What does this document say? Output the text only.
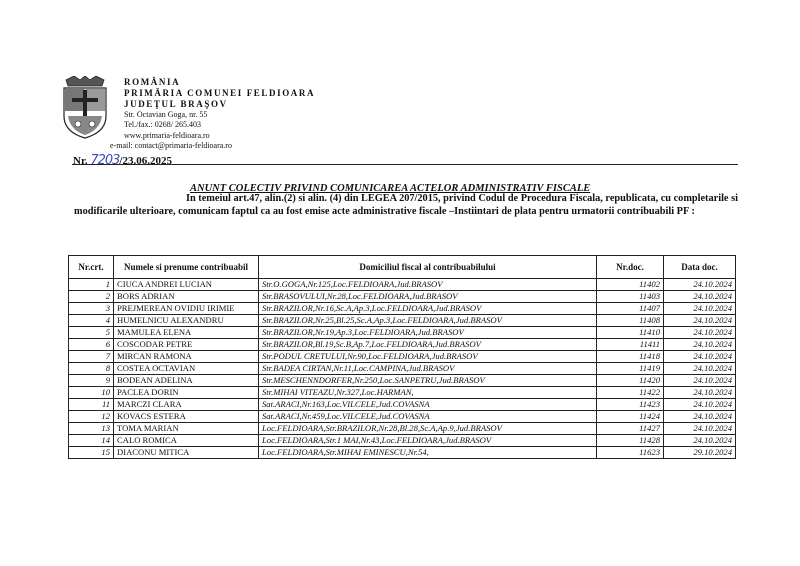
ROMÂNIA
PRIMĂRIA COMUNEI FELDIOARA
JUDEŢUL BRAŞOV
Str. Octavian Goga, nr. 55
Tel./fax.: 0268/ 265.403
www.primaria-feldioara.ro
e-mail: contact@primaria-feldioara.ro
Nr. 7203/23.06.2025
ANUNT COLECTIV PRIVIND COMUNICAREA ACTELOR ADMINISTRATIV FISCALE
In temeiul art.47, alin.(2) si alin. (4) din LEGEA 207/2015, privind Codul de Procedura Fiscala, republicata, cu completarile si modificarile ulterioare, comunicam faptul ca au fost emise acte administrative fiscale –Instiintari de plata pentru urmatorii contribuabili PF :
Nr.crt.	Numele si prenume contribuabil	Domiciliul fiscal al contribuabilului	Nr.doc.	Data doc.
1	CIUCA ANDREI LUCIAN	Str.O.GOGA,Nr.125,Loc.FELDIOARA,Jud.BRASOV	11402	24.10.2024
2	BORS ADRIAN	Str.BRASOVULUI,Nr.28,Loc.FELDIOARA,Jud.BRASOV	11403	24.10.2024
3	PREJMEREAN OVIDIU IRIMIE	Str.BRAZILOR,Nr.16,Sc.A,Ap.3,Loc.FELDIOARA,Jud.BRASOV	11407	24.10.2024
4	HUMELNICU ALEXANDRU	Str.BRAZILOR,Nr.25,Bl.25,Sc.A,Ap.3,Loc.FELDIOARA,Jud.BRASOV	11408	24.10.2024
5	MAMULEA ELENA	Str.BRAZILOR,Nr.19,Ap.3,Loc.FELDIOARA,Jud.BRASOV	11410	24.10.2024
6	COSCODAR PETRE	Str.BRAZILOR,Bl.19,Sc.B,Ap.7,Loc.FELDIOARA,Jud.BRASOV	11411	24.10.2024
7	MIRCAN RAMONA	Str.PODUL CRETULUI,Nr.90,Loc.FELDIOARA,Jud.BRASOV	11418	24.10.2024
8	COSTEA OCTAVIAN	Str.BADEA CIRTAN,Nr.11,Loc.CAMPINA,Jud.BRASOV	11419	24.10.2024
9	BODEAN ADELINA	Str.MESCHENNDORFER,Nr.250,Loc.SANPETRU,Jud.BRASOV	11420	24.10.2024
10	PACLEA DORIN	Str.MIHAI VITEAZU,Nr.327,Loc.HARMAN,	11422	24.10.2024
11	MARCZI CLARA	Sat.ARACI,Nr.163,Loc.VILCELE,Jud.COVASNA	11423	24.10.2024
12	KOVACS ESTERA	Sat.ARACI,Nr.459,Loc.VILCELE,Jud.COVASNA	11424	24.10.2024
13	TOMA MARIAN	Loc.FELDIOARA,Str.BRAZILOR,Nr.28,Bl.28,Sc.A,Ap.9,Jud.BRASOV	11427	24.10.2024
14	CALO ROMICA	Loc.FELDIOARA,Str.1 MAI,Nr.43,Loc.FELDIOARA,Jud.BRASOV	11428	24.10.2024
15	DIACONU MITICA	Loc.FELDIOARA,Str.MIHAI EMINESCU,Nr.54,	11623	29.10.2024
